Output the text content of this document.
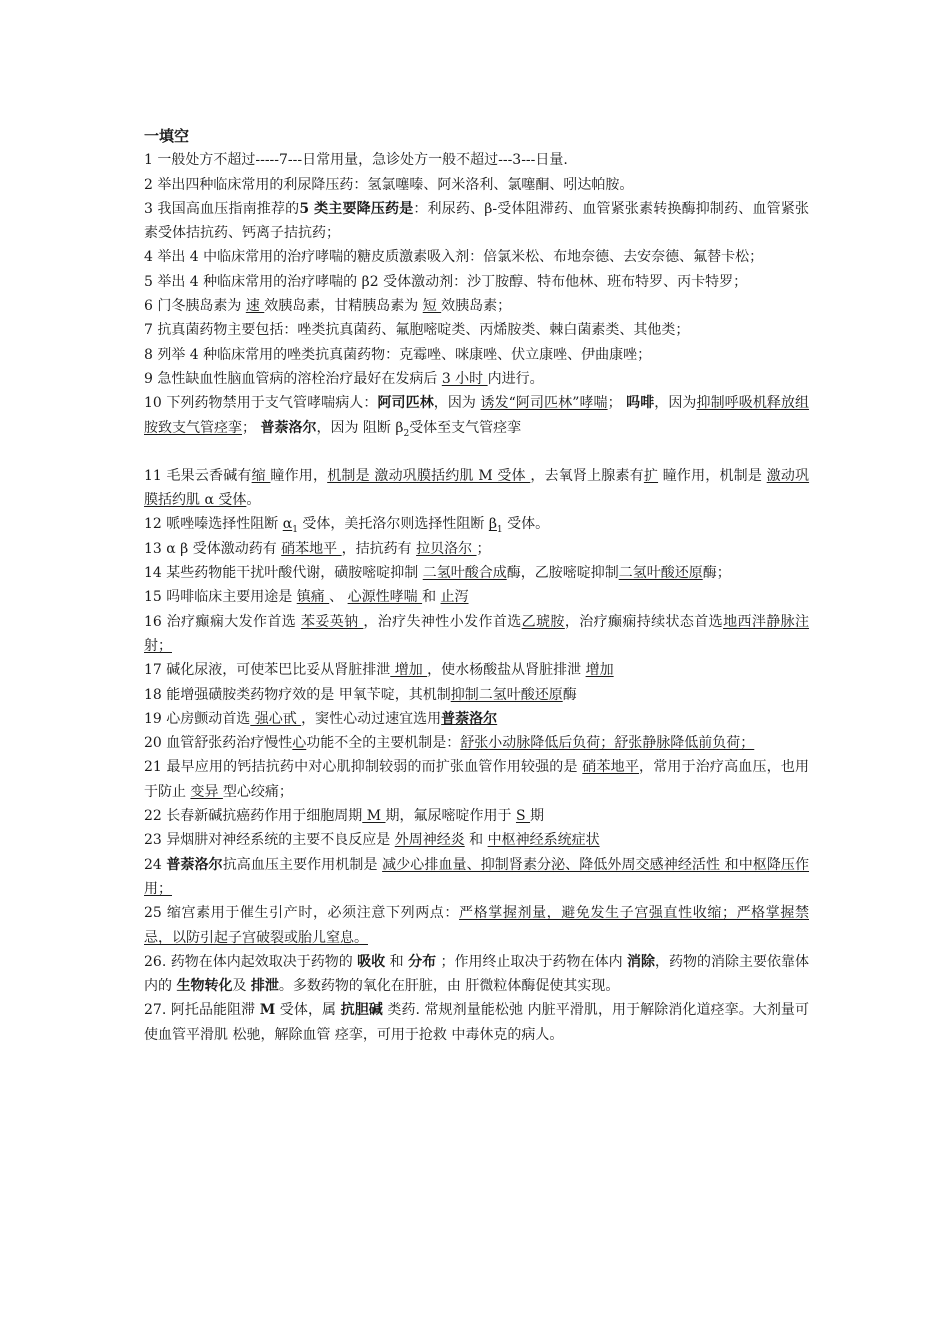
一填空

1 一般处方不超过-----7---日常用量，急诊处方一般不超过---3---日量.

2 举出四种临床常用的利尿降压药：氢氯噻嗪、阿米洛利、氯噻酮、吲达帕胺。

3 我国高血压指南推荐的5 类主要降压药是：利尿药、β-受体阻滞药、血管紧张素转换酶抑制药、血管紧张素受体拮抗药、钙离子拮抗药；

4 举出 4 中临床常用的治疗哮喘的糖皮质激素吸入剂：倍氯米松、布地奈德、去安奈德、氟替卡松；

5 举出 4 种临床常用的治疗哮喘的 β2 受体激动剂：沙丁胺醇、特布他林、班布特罗、丙卡特罗；

6 门冬胰岛素为 速 效胰岛素，甘精胰岛素为 短 效胰岛素；

7 抗真菌药物主要包括：唑类抗真菌药、氟胞嘧啶类、丙烯胺类、棘白菌素类、其他类；

8 列举 4 种临床常用的唑类抗真菌药物：克霉唑、咪康唑、伏立康唑、伊曲康唑；

9 急性缺血性脑血管病的溶栓治疗最好在发病后 3 小时 内进行。

10 下列药物禁用于支气管哮喘病人：阿司匹林，因为 诱发“阿司匹林”哮喘； 吗啡，因为抑制呼吸机释放组胺致支气管痉挛； 普萘洛尔，因为 阻断 $\beta_2$受体至支气管痉挛

11 毛果云香碱有缩 瞳作用，机制是 激动巩膜括约肌 M 受体 ，去氧肾上腺素有扩 瞳作用，机制是 激动巩膜括约肌 α 受体。

12 哌唑嗪选择性阻断 $\alpha_1$ 受体，美托洛尔则选择性阻断 $\beta_1$ 受体。

13 α β 受体激动药有 硝苯地平 ，拮抗药有 拉贝洛尔 ；

14 某些药物能干扰叶酸代谢，磺胺嘧啶抑制 二氢叶酸合成酶，乙胺嘧啶抑制二氢叶酸还原酶；

15 吗啡临床主要用途是 镇痛 、 心源性哮喘 和 止泻

16 治疗癫痫大发作首选 苯妥英钠 ，治疗失神性小发作首选乙琥胺，治疗癫痫持续状态首选地西泮静脉注射；

17 碱化尿液，可使苯巴比妥从肾脏排泄 增加 ，使水杨酸盐从肾脏排泄 增加

18 能增强磺胺类药物疗效的是 甲氧苄啶，其机制抑制二氢叶酸还原酶

19 心房颤动首选 强心甙 ，窦性心动过速宜选用普萘洛尔

20 血管舒张药治疗慢性心功能不全的主要机制是：舒张小动脉降低后负荷；舒张静脉降低前负荷；

21 最早应用的钙拮抗药中对心肌抑制较弱的而扩张血管作用较强的是 硝苯地平，常用于治疗高血压，也用于防止 变异 型心绞痛；

22 长春新碱抗癌药作用于细胞周期 M 期，氟尿嘧啶作用于 S 期

23 异烟肼对神经系统的主要不良反应是 外周神经炎 和 中枢神经系统症状

24 普萘洛尔抗高血压主要作用机制是 减少心排血量、抑制肾素分泌、降低外周交感神经活性 和中枢降压作用；

25 缩宫素用于催生引产时，必须注意下列两点：严格掌握剂量，避免发生子宫强直性收缩；严格掌握禁忌，以防引起子宫破裂或胎儿窒息。

26. 药物在体内起效取决于药物的 吸收 和 分布 ；作用终止取决于药物在体内 消除，药物的消除主要依靠体内的 生物转化及 排泄。多数药物的氧化在肝脏，由 肝微粒体酶促使其实现。

27. 阿托品能阻滞 M 受体，属 抗胆碱 类药. 常规剂量能松弛 内脏平滑肌，用于解除消化道痉挛。大剂量可使血管平滑肌 松驰，解除血管 痉挛，可用于抢救 中毒休克的病人。
